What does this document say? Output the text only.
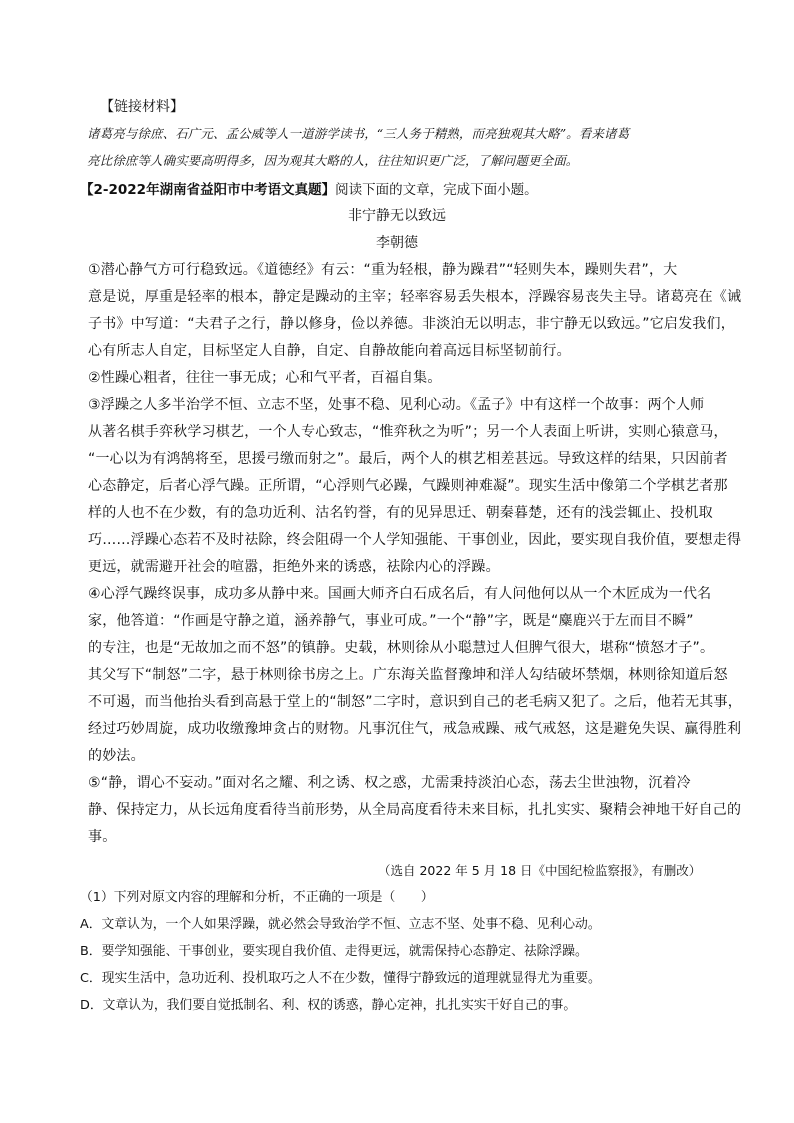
【链接材料】
诸葛亮与徐庶、石广元、孟公威等人一道游学读书，“三人务于精熟，而亮独观其大略”。看来诸葛
亮比徐庶等人确实要高明得多，因为观其大略的人，往往知识更广泛，了解问题更全面。
【2-2022年湖南省益阳市中考语文真题】阅读下面的文章，完成下面小题。
非宁静无以致远
李朝德
①潜心静气方可行稳致远。《道德经》有云：“重为轻根，静为躁君”“轻则失本，躁则失君”，大
意是说，厚重是轻率的根本，静定是躁动的主宰；轻率容易丢失根本，浮躁容易丧失主导。诸葛亮在《诫
子书》中写道：“夫君子之行，静以修身，俭以养德。非淡泊无以明志，非宁静无以致远。”它启发我们，
心有所志人自定，目标坚定人自静，自定、自静故能向着高远目标坚韧前行。
②性躁心粗者，往往一事无成；心和气平者，百福自集。
③浮躁之人多半治学不恒、立志不坚，处事不稳、见利心动。《孟子》中有这样一个故事：两个人师
从著名棋手弈秋学习棋艺，一个人专心致志，“惟弈秋之为听”；另一个人表面上听讲，实则心猿意马，
“一心以为有鸿鹄将至，思援弓缴而射之”。最后，两个人的棋艺相差甚远。导致这样的结果，只因前者
心态静定，后者心浮气躁。正所谓，“心浮则气必躁，气躁则神难凝”。现实生活中像第二个学棋艺者那
样的人也不在少数，有的急功近利、沽名钓誉，有的见异思迁、朝秦暮楚，还有的浅尝辄止、投机取
巧……浮躁心态若不及时祛除，终会阻碍一个人学知强能、干事创业，因此，要实现自我价值，要想走得
更远，就需避开社会的喧嚣，拒绝外来的诱惑，祛除内心的浮躁。
④心浮气躁终误事，成功多从静中来。国画大师齐白石成名后，有人问他何以从一个木匠成为一代名
家，他答道：“作画是守静之道，涵养静气，事业可成。”一个“静”字，既是“麋鹿兴于左而目不瞬”
的专注，也是“无故加之而不怒”的镇静。史载，林则徐从小聪慧过人但脾气很大，堪称“愤怒才子”。
其父写下“制怒”二字，悬于林则徐书房之上。广东海关监督豫坤和洋人勾结破坏禁烟，林则徐知道后怒
不可遏，而当他抬头看到高悬于堂上的“制怒”二字时，意识到自己的老毛病又犯了。之后，他若无其事，
经过巧妙周旋，成功收缴豫坤贪占的财物。凡事沉住气，戒急戒躁、戒气戒怒，这是避免失误、赢得胜利
的妙法。
⑤“静，谓心不妄动。”面对名之耀、利之诱、权之惑，尤需秉持淡泊心态，荡去尘世浊物，沉着冷
静、保持定力，从长远角度看待当前形势，从全局高度看待未来目标，扎扎实实、聚精会神地干好自己的
事。
（选自 2022 年 5 月 18 日《中国纪检监察报》，有删改）
（1）下列对原文内容的理解和分析，不正确的一项是（　　）
A．文章认为，一个人如果浮躁，就必然会导致治学不恒、立志不坚、处事不稳、见利心动。
B．要学知强能、干事创业，要实现自我价值、走得更远，就需保持心态静定、祛除浮躁。
C．现实生活中，急功近利、投机取巧之人不在少数，懂得宁静致远的道理就显得尤为重要。
D．文章认为，我们要自觉抵制名、利、权的诱惑，静心定神，扎扎实实干好自己的事。
